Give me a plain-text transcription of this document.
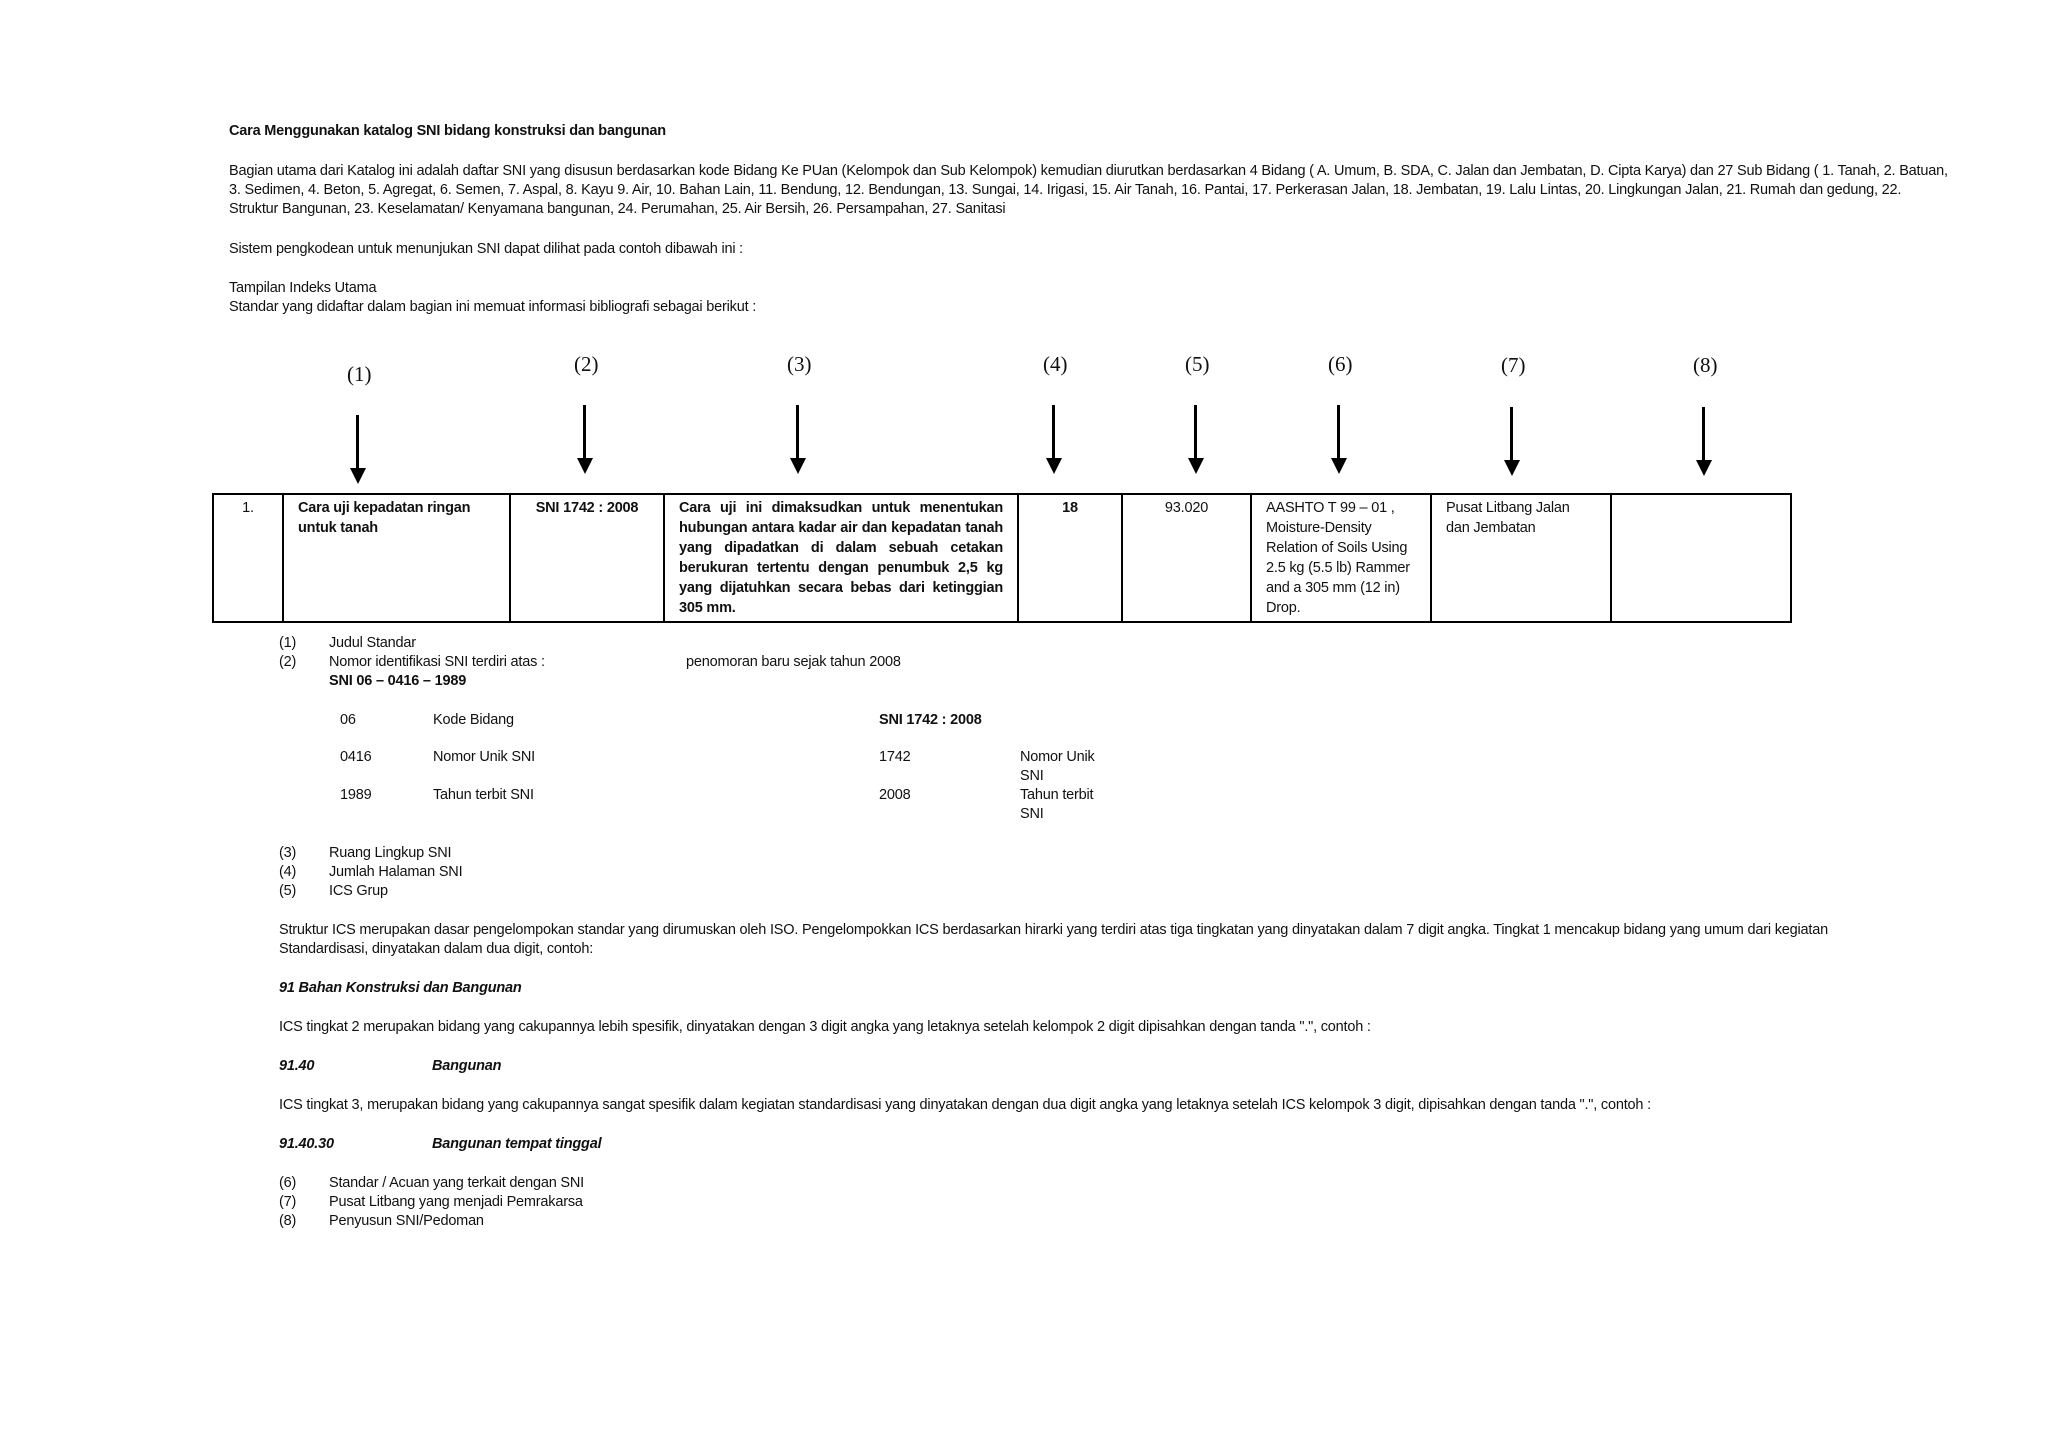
Cara Menggunakan katalog SNI bidang konstruksi dan bangunan
Bagian utama dari Katalog ini adalah daftar SNI yang disusun berdasarkan kode Bidang Ke PUan (Kelompok dan Sub Kelompok) kemudian diurutkan berdasarkan 4 Bidang ( A. Umum, B. SDA, C. Jalan dan Jembatan, D. Cipta Karya) dan 27 Sub Bidang ( 1. Tanah, 2. Batuan, 3. Sedimen, 4. Beton, 5. Agregat, 6. Semen, 7. Aspal, 8. Kayu 9. Air, 10. Bahan Lain, 11. Bendung, 12. Bendungan, 13. Sungai, 14. Irigasi, 15. Air Tanah, 16. Pantai, 17. Perkerasan Jalan, 18. Jembatan, 19. Lalu Lintas, 20. Lingkungan Jalan, 21. Rumah dan gedung, 22. Struktur Bangunan, 23. Keselamatan/ Kenyamana bangunan, 24. Perumahan, 25. Air Bersih, 26. Persampahan, 27. Sanitasi
Sistem pengkodean untuk menunjukan SNI dapat dilihat pada contoh dibawah ini :
Tampilan Indeks Utama
Standar yang didaftar dalam bagian ini memuat informasi bibliografi sebagai berikut :
(1)	(2)	(3)	(4)	(5)	(6)	(7)	(8)
1.	Cara uji kepadatan ringan untuk tanah	SNI 1742 : 2008	Cara uji ini dimaksudkan untuk menentukan hubungan antara kadar air dan kepadatan tanah yang dipadatkan di dalam sebuah cetakan berukuran tertentu dengan penumbuk 2,5 kg yang dijatuhkan secara bebas dari ketinggian 305 mm.	18	93.020	AASHTO T 99 – 01 , Moisture-Density Relation of Soils Using 2.5 kg (5.5 lb) Rammer and a 305 mm (12 in) Drop.	Pusat Litbang Jalan dan Jembatan	
(1) Judul Standar
(2) Nomor identifikasi SNI terdiri atas :	penomoran baru sejak tahun 2008
SNI 06 – 0416 – 1989
06	Kode Bidang
0416	Nomor Unik SNI
1989	Tahun terbit SNI
SNI 1742 : 2008
1742	Nomor Unik
SNI
2008	Tahun terbit
SNI
(3) Ruang Lingkup SNI
(4) Jumlah Halaman SNI
(5) ICS Grup
Struktur ICS merupakan dasar pengelompokan standar yang dirumuskan oleh ISO. Pengelompokkan ICS berdasarkan hirarki yang terdiri atas tiga tingkatan yang dinyatakan dalam 7 digit angka. Tingkat 1 mencakup bidang yang umum dari kegiatan Standardisasi, dinyatakan dalam dua digit, contoh:
91 Bahan Konstruksi dan Bangunan
ICS tingkat 2 merupakan bidang yang cakupannya lebih spesifik, dinyatakan dengan 3 digit angka yang letaknya setelah kelompok 2 digit dipisahkan dengan tanda ".", contoh :
91.40	Bangunan
ICS tingkat 3, merupakan bidang yang cakupannya sangat spesifik dalam kegiatan standardisasi yang dinyatakan dengan dua digit angka yang letaknya setelah ICS kelompok 3 digit, dipisahkan dengan tanda ".", contoh :
91.40.30	Bangunan tempat tinggal
(6) Standar / Acuan yang terkait dengan SNI
(7) Pusat Litbang yang menjadi Pemrakarsa
(8) Penyusun SNI/Pedoman
